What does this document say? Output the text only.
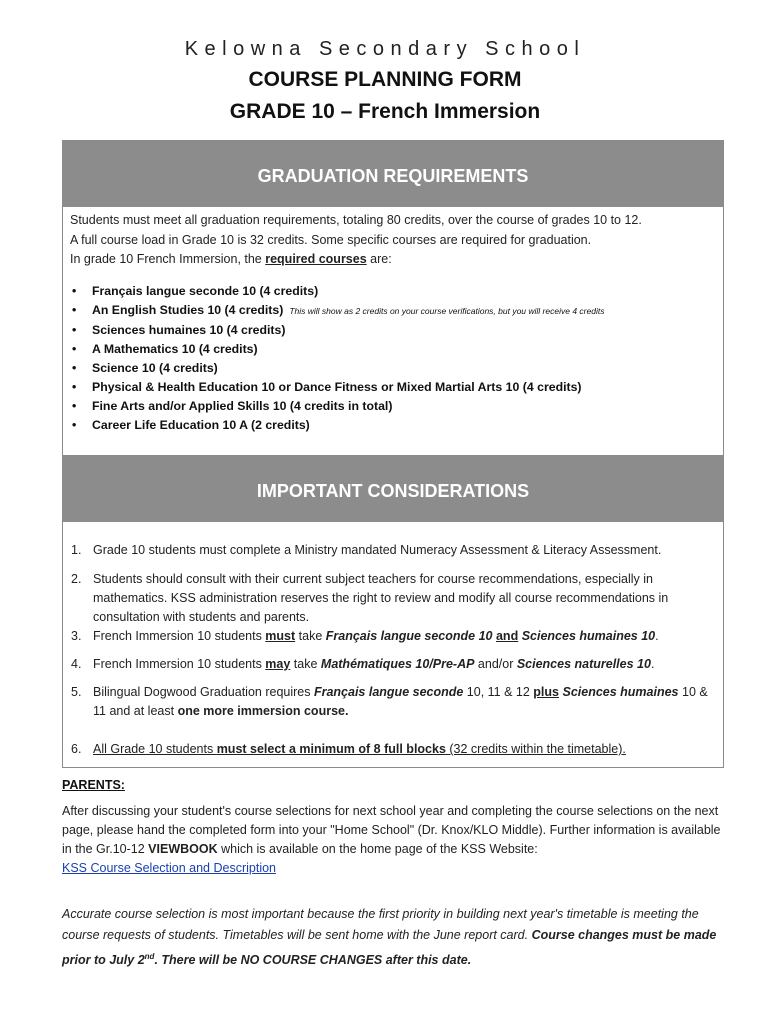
Kelowna Secondary School
COURSE PLANNING FORM
GRADE 10 – French Immersion
GRADUATION REQUIREMENTS
Students must meet all graduation requirements, totaling 80 credits, over the course of grades 10 to 12.
A full course load in Grade 10 is 32 credits. Some specific courses are required for graduation.
In grade 10 French Immersion, the required courses are:
• Français langue seconde 10 (4 credits)
• An English Studies 10 (4 credits) This will show as 2 credits on your course verifications, but you will receive 4 credits
• Sciences humaines 10 (4 credits)
• A Mathematics 10 (4 credits)
• Science 10 (4 credits)
• Physical & Health Education 10 or Dance Fitness or Mixed Martial Arts 10 (4 credits)
• Fine Arts and/or Applied Skills 10 (4 credits in total)
• Career Life Education 10 A (2 credits)
IMPORTANT CONSIDERATIONS
1. Grade 10 students must complete a Ministry mandated Numeracy Assessment & Literacy Assessment.
2. Students should consult with their current subject teachers for course recommendations, especially in mathematics. KSS administration reserves the right to review and modify all course recommendations in consultation with students and parents.
3. French Immersion 10 students must take Français langue seconde 10 and Sciences humaines 10.
4. French Immersion 10 students may take Mathématiques 10/Pre-AP and/or Sciences naturelles 10.
5. Bilingual Dogwood Graduation requires Français langue seconde 10, 11 & 12 plus Sciences humaines 10 & 11 and at least one more immersion course.
6. All Grade 10 students must select a minimum of 8 full blocks (32 credits within the timetable).
PARENTS:
After discussing your student's course selections for next school year and completing the course selections on the next page, please hand the completed form into your "Home School" (Dr. Knox/KLO Middle). Further information is available in the Gr.10-12 VIEWBOOK which is available on the home page of the KSS Website:
KSS Course Selection and Description
Accurate course selection is most important because the first priority in building next year's timetable is meeting the course requests of students. Timetables will be sent home with the June report card. Course changes must be made prior to July 2nd. There will be NO COURSE CHANGES after this date.
